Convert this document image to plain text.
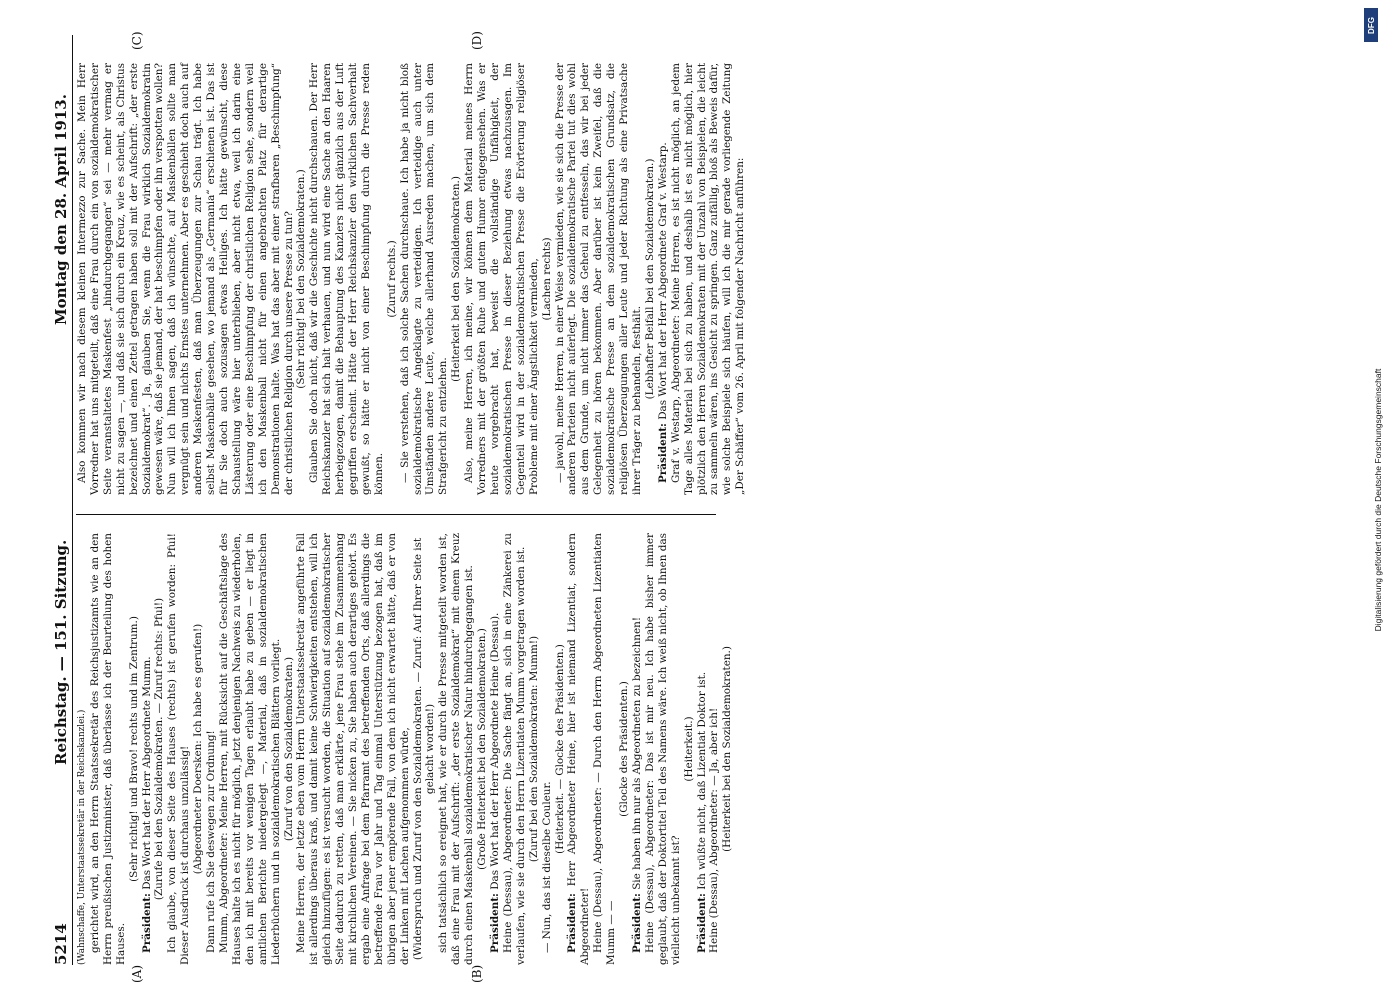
5214
Reichstag. — 151. Sitzung.
Montag den 28. April 1913.

(Wahnschaffe, Unterstaatssekretär in der Reichskanzlei.) gerichtet wird, an den Herrn Staatssekretär des Reichsjustizamts wie an den Herrn preußischen Justizminister, daß überlasse ich der Beurteilung des hohen Hauses.

(Sehr richtig! und Bravo! rechts und im Zentrum.)

Präsident: Das Wort hat der Herr Abgeordnete Mumm. (Zurufe bei den Sozialdemokraten. — Zuruf rechts: Pfui!) Ich glaube, von dieser Seite des Hauses (rechts) ist gerufen worden: Pfui! Dieser Ausdruck ist durchaus unzulässig! (Abgeordneter Doersken: Ich habe es gerufen!) Dann rufe ich Sie deswegen zur Ordnung! Mumm, Abgeordneter: Meine Herren, mit Rücksicht auf die Geschäftslage des Hauses halte ich es nicht für möglich, jetzt denjenigen Nachweis zu wiederholen, den ich mit bereits vor wenigen Tagen erlaubt habe zu geben — er liegt in amtlichen Berichte niedergelegt —, Material, daß in sozialdemokratischen Liederbüchern und in sozialdemokratischen Blättern vorliegt. (Zuruf von den Sozialdemokraten.) Meine Herren, der letzte eben vom Herrn Unterstaatssekretär angeführte Fall ist allerdings überaus kraß, und damit keine Schwierigkeiten entstehen, will ich gleich hinzufügen: es ist versucht worden, die Situation auf sozialdemokratischer Seite dadurch zu retten, daß man erklärte, jene Frau stehe im Zusammenhang mit kirchlichen Vereinen. — Sie nicken zu, Sie haben auch derartiges gehört. Es ergab eine Anfrage bei dem Pfarramt des betreffenden Orts, daß allerdings die betreffende Frau vor Jahr und Tag einmal Unterstützung bezogen hat, daß im übrigen aber jener empörende Fall, von dem ich nicht erwartet hätte, daß er von der Linken mit Lachen aufgenommen würde, (Widerspruch und Zuruf von den Sozialdemokraten. — Zuruf: Auf Ihrer Seite ist gelacht worden!) sich tatsächlich so ereignet hat, wie er durch die Presse mitgeteilt worden ist, daß eine Frau mit der Aufschrift: „der erste Sozialdemokrat“ mit einem Kreuz durch einen Maskenball sozialdemokratischer Natur hindurchgegangen ist. (Große Heiterkeit bei den Sozialdemokraten.)

Präsident: Das Wort hat der Herr Abgeordnete Heine (Dessau). Heine (Dessau), Abgeordneter: Die Sache fängt an, sich in eine Zänkerei zu verlaufen, wie sie durch den Herrn Lizentiaten Mumm vorgetragen worden ist. (Zuruf bei den Sozialdemokraten: Mumm!)

— Nun, das ist dieselbe Couleur.

(Heiterkeit. — Glocke des Präsidenten.)

Präsident: Herr Abgeordneter Heine, hier ist niemand Lizentiat, sondern Abgeordneter! Heine (Dessau), Abgeordneter: — Durch den Herrn Abgeordneten Lizentiaten Mumm — —

(Glocke des Präsidenten.)

Präsident: Sie haben ihn nur als Abgeordneten zu bezeichnen! Heine (Dessau), Abgeordneter: Das ist mir neu. Ich habe bisher immer geglaubt, daß der Doktortitel Teil des Namens wäre. Ich weiß nicht, ob Ihnen das vielleicht unbekannt ist?

(Heiterkeit.)

Präsident: Ich wüßte nicht, daß Lizentiat Doktor ist. Heine (Dessau), Abgeordneter: — Ja, aber ich! (Heiterkeit bei den Sozialdemokraten.)

Also kommen wir nach diesem kleinen Intermezzo zur Sache. Mein Herr Vorredner hat uns mitgeteilt, daß eine Frau durch ein von sozialdemokratischer Seite veranstaltetes Maskenfest „hindurchgegangen“ sei — mehr vermag er nicht zu sagen —, und daß sie sich durch ein Kreuz, wie es scheint, als Christus bezeichnet und einen Zettel getragen haben soll mit der Aufschrift: „der erste Sozialdemokrat“. Ja, glauben Sie, wenn die Frau wirklich Sozialdemokratin gewesen wäre, daß sie jemand, der hat beschimpfen oder ihn verspotten wollen? Nun will ich Ihnen sagen, daß ich wünschte, auf Maskenbällen sollte man vergnügt sein und nichts Ernstes unternehmen. Aber es geschieht doch auch auf anderen Maskenfesten, daß man Überzeugungen zur Schau trägt. Ich habe selbst Maskenbälle gesehen, wo jemand als „Germania“ erschienen ist. Das ist für Sie doch auch sozusagen etwas Heiliges. Ich hätte gewünscht, diese Schaustellung wäre hier unterblieben, aber nicht etwa, weil ich darin eine Lästerung oder eine Beschimpfung der christlichen Religion sehe, sondern weil ich den Maskenball nicht für einen angebrachten Platz für derartige Demonstrationen halte. Was hat das aber mit einer strafbaren „Beschimpfung“ der christlichen Religion durch unsere Presse zu tun? (Sehr richtig! bei den Sozialdemokraten.) Glauben Sie doch nicht, daß wir die Geschichte nicht durchschauen. Der Herr Reichskanzler hat sich halt verhauen, und nun wird eine Sache an den Haaren herbeigezogen, damit die Behauptung des Kanzlers nicht gänzlich aus der Luft gegriffen erscheint. Hätte der Herr Reichskanzler den wirklichen Sachverhalt gewußt, so hätte er nicht von einer Beschimpfung durch die Presse reden können.

(Zuruf rechts.) — Sie verstehen, daß ich solche Sachen durchschaue. Ich habe ja nicht bloß sozialdemokratische Angeklagte zu verteidigen. Ich verteidige auch unter Umständen andere Leute, welche allerhand Ausreden machen, um sich dem Strafgericht zu entziehen.

(Heiterkeit bei den Sozialdemokraten.) Also, meine Herren, ich meine, wir können dem Material meines Herrn Vorredners mit der größten Ruhe und gutem Humor entgegensehen. Was er heute vorgebracht hat, beweist die vollständige Unfähigkeit, der sozialdemokratischen Presse in dieser Beziehung etwas nachzusagen. Im Gegenteil wird in der sozialdemokratischen Presse die Erörterung religiöser Probleme mit einer Ängstlichkeit vermieden, (Lachen rechts) — jawohl, meine Herren, in einer Weise vermieden, wie sie sich die Presse der anderen Parteien nicht auferlegt. Die sozialdemokratische Partei tut dies wohl aus dem Grunde, um nicht immer das Geheul zu entfesseln, das wir bei jeder Gelegenheit zu hören bekommen. Aber darüber ist kein Zweifel, daß die sozialdemokratische Presse an dem sozialdemokratischen Grundsatz, die religiösen Überzeugungen aller Leute und jeder Richtung als eine Privatsache ihrer Träger zu behandeln, festhält.

(Lebhafter Beifall bei den Sozialdemokraten.)

Präsident: Das Wort hat der Herr Abgeordnete Graf v. Westarp. Graf v. Westarp, Abgeordneter: Meine Herren, es ist nicht möglich, an jedem Tage alles Material bei sich zu haben, und deshalb ist es nicht möglich, hier plötzlich den Herren Sozialdemokraten mit der Unzahl von Beispielen, die leicht zu sammeln wären, ins Gesicht zu springen. Ganz zufällig, bloß als Beweis dafür, wie solche Beispiele sich häufen, will ich die mir gerade vorliegende Zeitung „Der Schäffer“ vom 26. April mit folgender Nachricht anführen:

(A)	(B)
(C)	(D)
DFG
Digitalisierung gefördert durch die Deutsche Forschungsgemeinschaft
